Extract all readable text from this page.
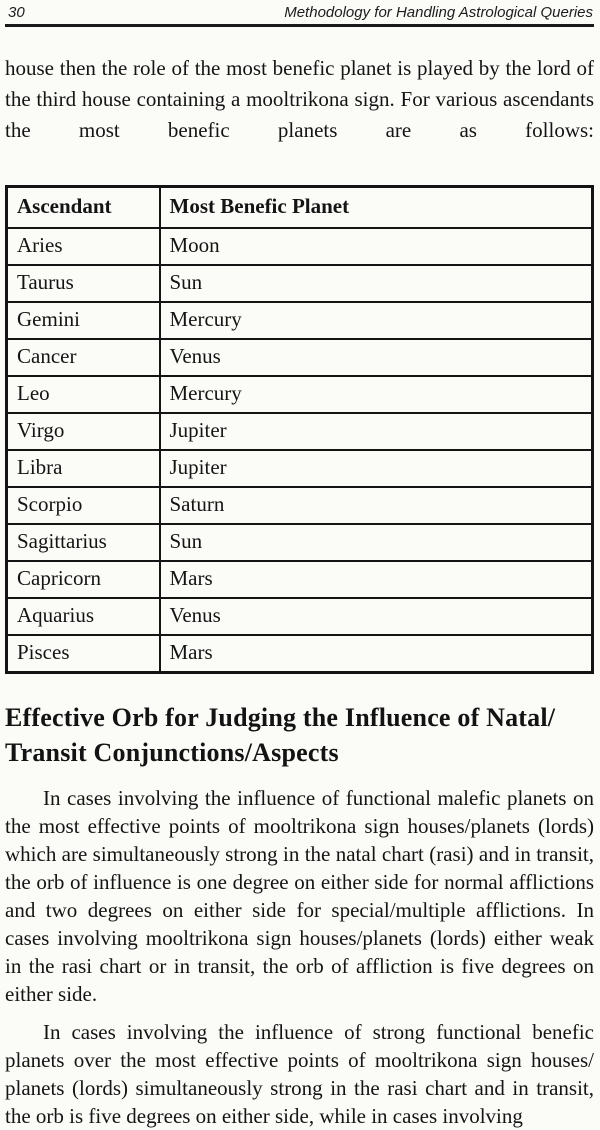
30	Methodology for Handling Astrological Queries

house then the role of the most benefic planet is played by the lord of the third house containing a mooltrikona sign. For various ascendants the most benefic planets are as follows:

Ascendant	Most Benefic Planet
Aries	Moon
Taurus	Sun
Gemini	Mercury
Cancer	Venus
Leo	Mercury
Virgo	Jupiter
Libra	Jupiter
Scorpio	Saturn
Sagittarius	Sun
Capricorn	Mars
Aquarius	Venus
Pisces	Mars
Effective Orb for Judging the Influence of Natal/
Transit Conjunctions/Aspects

In cases involving the influence of functional malefic planets on the most effective points of mooltrikona sign houses/planets (lords) which are simultaneously strong in the natal chart (rasi) and in transit, the orb of influence is one degree on either side for normal afflictions and two degrees on either side for special/multiple afflictions. In cases involving mooltrikona sign houses/planets (lords) either weak in the rasi chart or in transit, the orb of affliction is five degrees on either side.

In cases involving the influence of strong functional benefic planets over the most effective points of mooltrikona sign houses/ planets (lords) simultaneously strong in the rasi chart and in transit, the orb is five degrees on either side, while in cases involving
